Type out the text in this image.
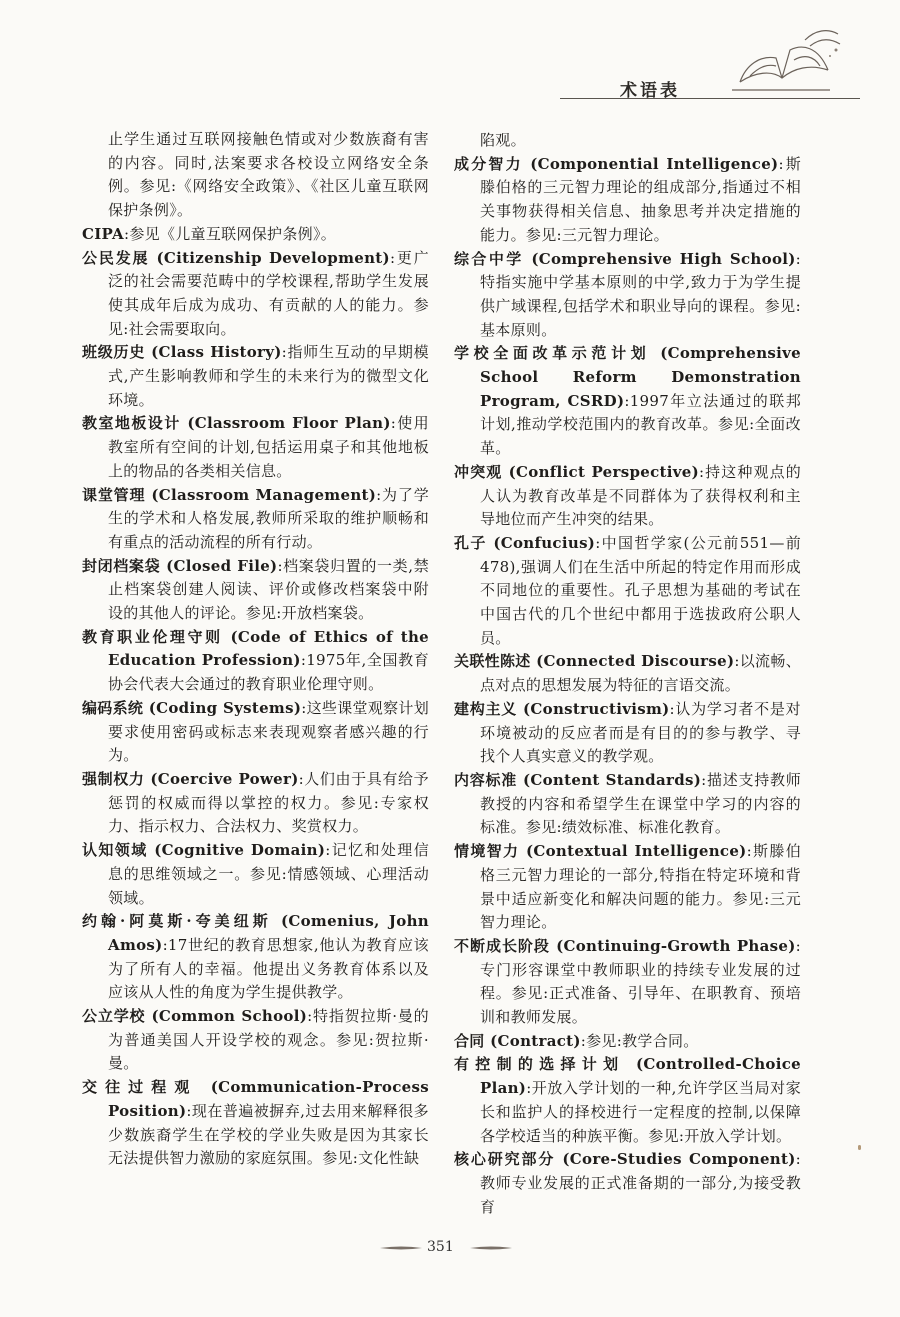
术语表

止学生通过互联网接触色情或对少数族裔有害的内容。同时,法案要求各校设立网络安全条例。参见:《网络安全政策》、《社区儿童互联网保护条例》。

CIPA:参见《儿童互联网保护条例》。

公民发展 (Citizenship Development):更广泛的社会需要范畴中的学校课程,帮助学生发展使其成年后成为成功、有贡献的人的能力。参见:社会需要取向。

班级历史 (Class History):指师生互动的早期模式,产生影响教师和学生的未来行为的微型文化环境。

教室地板设计 (Classroom Floor Plan):使用教室所有空间的计划,包括运用桌子和其他地板上的物品的各类相关信息。

课堂管理 (Classroom Management):为了学生的学术和人格发展,教师所采取的维护顺畅和有重点的活动流程的所有行动。

封闭档案袋 (Closed File):档案袋归置的一类,禁止档案袋创建人阅读、评价或修改档案袋中附设的其他人的评论。参见:开放档案袋。

教育职业伦理守则 (Code of Ethics of the Education Profession):1975年,全国教育协会代表大会通过的教育职业伦理守则。

编码系统 (Coding Systems):这些课堂观察计划要求使用密码或标志来表现观察者感兴趣的行为。

强制权力 (Coercive Power):人们由于具有给予惩罚的权威而得以掌控的权力。参见:专家权力、指示权力、合法权力、奖赏权力。

认知领域 (Cognitive Domain):记忆和处理信息的思维领域之一。参见:情感领域、心理活动领域。

约翰·阿莫斯·夸美纽斯 (Comenius, John Amos):17世纪的教育思想家,他认为教育应该为了所有人的幸福。他提出义务教育体系以及应该从人性的角度为学生提供教学。

公立学校 (Common School):特指贺拉斯·曼的为普通美国人开设学校的观念。参见:贺拉斯·曼。

交往过程观 (Communication-Process Position):现在普遍被摒弃,过去用来解释很多少数族裔学生在学校的学业失败是因为其家长无法提供智力激励的家庭氛围。参见:文化性缺

陷观。

成分智力 (Componential Intelligence):斯滕伯格的三元智力理论的组成部分,指通过不相关事物获得相关信息、抽象思考并决定措施的能力。参见:三元智力理论。

综合中学 (Comprehensive High School):特指实施中学基本原则的中学,致力于为学生提供广域课程,包括学术和职业导向的课程。参见:基本原则。

学校全面改革示范计划 (Comprehensive School Reform Demonstration Program, CSRD):1997年立法通过的联邦计划,推动学校范围内的教育改革。参见:全面改革。

冲突观 (Conflict Perspective):持这种观点的人认为教育改革是不同群体为了获得权利和主导地位而产生冲突的结果。

孔子 (Confucius):中国哲学家(公元前551—前478),强调人们在生活中所起的特定作用而形成不同地位的重要性。孔子思想为基础的考试在中国古代的几个世纪中都用于选拔政府公职人员。

关联性陈述 (Connected Discourse):以流畅、点对点的思想发展为特征的言语交流。

建构主义 (Constructivism):认为学习者不是对环境被动的反应者而是有目的的参与教学、寻找个人真实意义的教学观。

内容标准 (Content Standards):描述支持教师教授的内容和希望学生在课堂中学习的内容的标准。参见:绩效标准、标准化教育。

情境智力 (Contextual Intelligence):斯滕伯格三元智力理论的一部分,特指在特定环境和背景中适应新变化和解决问题的能力。参见:三元智力理论。

不断成长阶段 (Continuing-Growth Phase):专门形容课堂中教师职业的持续专业发展的过程。参见:正式准备、引导年、在职教育、预培训和教师发展。

合同 (Contract):参见:教学合同。

有控制的选择计划 (Controlled-Choice Plan):开放入学计划的一种,允许学区当局对家长和监护人的择校进行一定程度的控制,以保障各学校适当的种族平衡。参见:开放入学计划。

核心研究部分 (Core-Studies Component):教师专业发展的正式准备期的一部分,为接受教育

351
